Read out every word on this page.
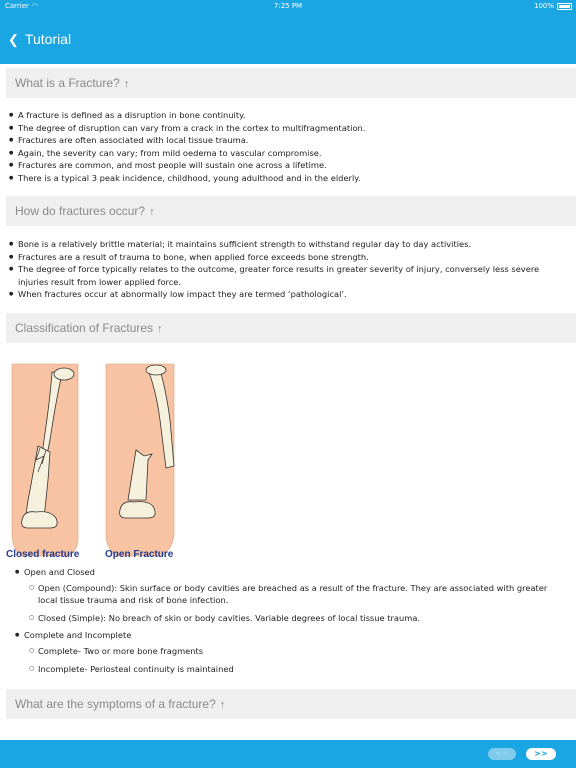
Carrier ◠	7:25 PM	100%
❮ Tutorial
What is a Fracture? ↑
● A fracture is defined as a disruption in bone continuity.
● The degree of disruption can vary from a crack in the cortex to multifragmentation.
● Fractures are often associated with local tissue trauma.
● Again, the severity can vary; from mild oedema to vascular compromise.
● Fractures are common, and most people will sustain one across a lifetime.
● There is a typical 3 peak incidence, childhood, young adulthood and in the elderly.
How do fractures occur? ↑
● Bone is a relatively brittle material; it maintains sufficient strength to withstand regular day to day activities.
● Fractures are a result of trauma to bone, when applied force exceeds bone strength.
● The degree of force typically relates to the outcome, greater force results in greater severity of injury, conversely less severe injuries result from lower applied force.
● When fractures occur at abnormally low impact they are termed ‘pathological’.
Classification of Fractures ↑
Closed fracture	Open Fracture
● Open and Closed
○ Open (Compound): Skin surface or body cavities are breached as a result of the fracture. They are associated with greater local tissue trauma and risk of bone infection.
○ Closed (Simple): No breach of skin or body cavities. Variable degrees of local tissue trauma.
● Complete and Incomplete
○ Complete- Two or more bone fragments
○ Incomplete- Periosteal continuity is maintained
What are the symptoms of a fracture? ↑
<<	>>
